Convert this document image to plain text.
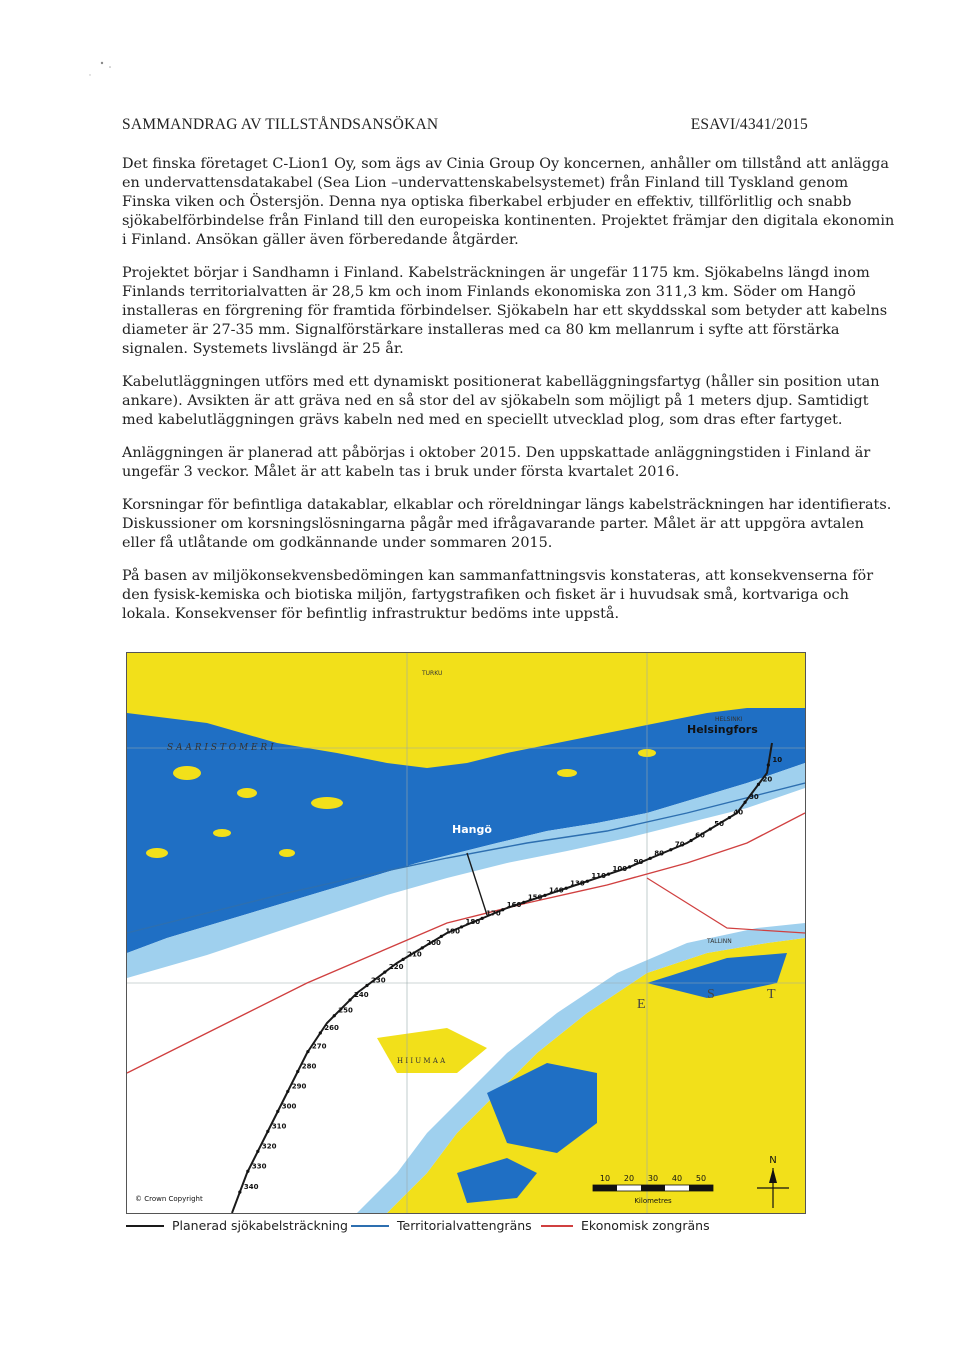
SAMMANDRAG AV TILLSTÅNDSANSÖKAN	ESAVI/4341/2015

Det finska företaget C-Lion1 Oy, som ägs av Cinia Group Oy koncernen, anhåller om tillstånd att anlägga en undervattensdatakabel (Sea Lion –undervattenskabelsystemet) från Finland till Tyskland genom Finska viken och Östersjön. Denna nya optiska fiberkabel erbjuder en effektiv, tillförlitlig och snabb sjökabelförbindelse från Finland till den europeiska kontinenten. Projektet främjar den digitala ekonomin i Finland. Ansökan gäller även förberedande åtgärder.

Projektet börjar i Sandhamn i Finland. Kabelsträckningen är ungefär 1175 km. Sjökabelns längd inom Finlands territorialvatten är 28,5 km och inom Finlands ekonomiska zon 311,3 km. Söder om Hangö installeras en förgrening för framtida förbindelser. Sjökabeln har ett skyddsskal som betyder att kabelns diameter är 27-35 mm. Signalförstärkare installeras med ca 80 km mellanrum i syfte att förstärka signalen. Systemets livslängd är 25 år.

Kabelutläggningen utförs med ett dynamiskt positionerat kabelläggningsfartyg (håller sin position utan ankare). Avsikten är att gräva ned en så stor del av sjökabeln som möjligt på 1 meters djup. Samtidigt med kabelutläggningen grävs kabeln ned med en speciellt utvecklad plog, som dras efter fartyget.

Anläggningen är planerad att påbörjas i oktober 2015. Den uppskattade anläggningstiden i Finland är ungefär 3 veckor. Målet är att kabeln tas i bruk under första kvartalet 2016.

Korsningar för befintliga datakablar, elkablar och röreldningar längs kabelsträckningen har identifierats. Diskussioner om korsningslösningarna pågår med ifrågavarande parter. Målet är att uppgöra avtalen eller få utlåtande om godkännande under sommaren 2015.

På basen av miljökonsekvensbedömingen kan sammanfattningsvis konstateras, att konsekvenserna för den fysisk-kemiska och biotiska miljön, fartygstrafiken och fisket är i huvudsak små, kortvariga och lokala. Konsekvenser för befintlig infrastruktur bedöms inte uppstå.

10
20
30
40
50
60
70
80
90
100
110
130
140
150
160
170
180
190
200
210
220
230
240
250
260
270
280
290
300
310
320
330
340
Helsingfors
HELSINKI
Hangö
TALLINN
TURKU
S A A R I S T O M E R I
H I I U M A A
E
S	T
© Crown Copyright
10 20 30 40 50
Kilometres
N
Planerad sjökabelsträckning	Territorialvattengräns	Ekonomisk zongräns
